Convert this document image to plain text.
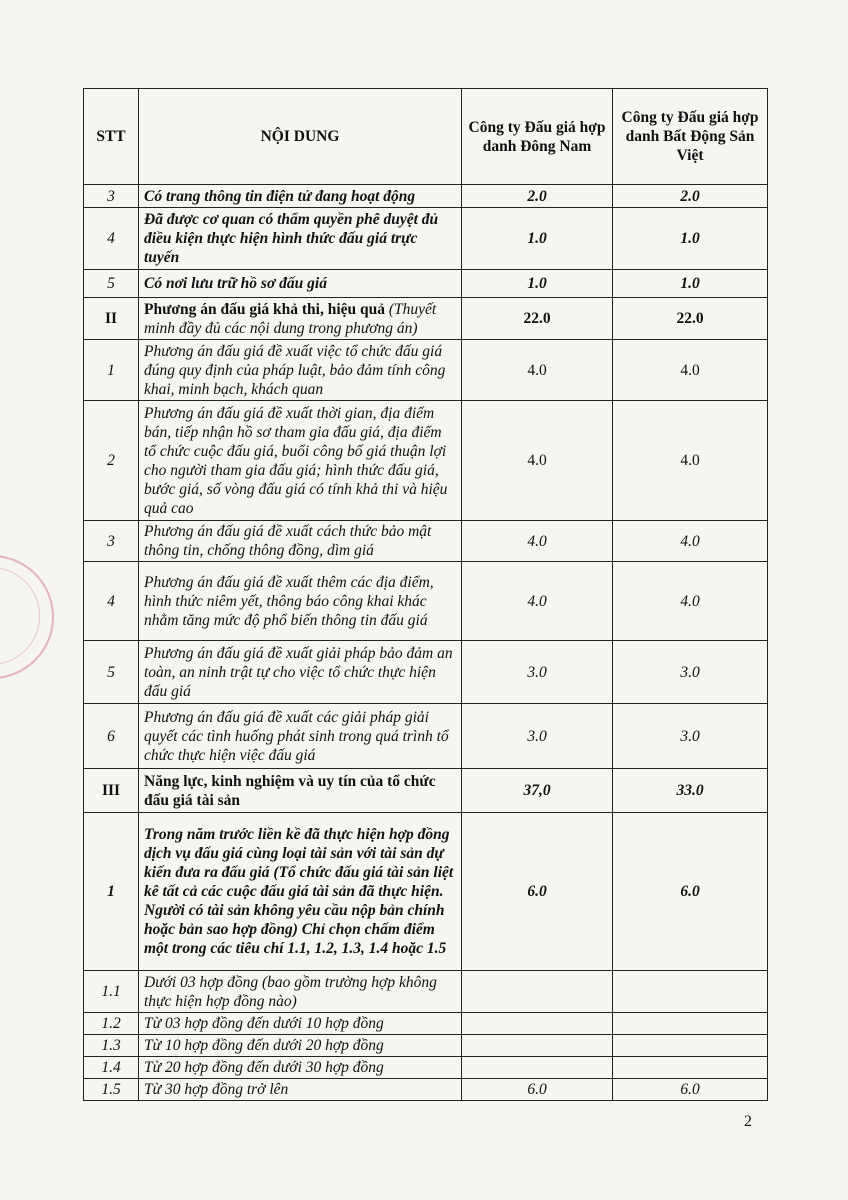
STT	NỘI DUNG	Công ty Đấu giá hợp danh Đông Nam	Công ty Đấu giá hợp danh Bất Động Sản Việt
3	Có trang thông tin điện tử đang hoạt động	2.0	2.0
4	Đã được cơ quan có thẩm quyền phê duyệt đủ điều kiện thực hiện hình thức đấu giá trực tuyến	1.0	1.0
5	Có nơi lưu trữ hồ sơ đấu giá	1.0	1.0
II	Phương án đấu giá khả thi, hiệu quả (Thuyết minh đầy đủ các nội dung trong phương án)	22.0	22.0
1	Phương án đấu giá đề xuất việc tổ chức đấu giá đúng quy định của pháp luật, bảo đảm tính công khai, minh bạch, khách quan	4.0	4.0
2	Phương án đấu giá đề xuất thời gian, địa điểm bán, tiếp nhận hồ sơ tham gia đấu giá, địa điểm tổ chức cuộc đấu giá, buổi công bố giá thuận lợi cho người tham gia đấu giá; hình thức đấu giá, bước giá, số vòng đấu giá có tính khả thi và hiệu quả cao	4.0	4.0
3	Phương án đấu giá đề xuất cách thức bảo mật thông tin, chống thông đồng, dìm giá	4.0	4.0
4	Phương án đấu giá đề xuất thêm các địa điểm, hình thức niêm yết, thông báo công khai khác nhằm tăng mức độ phổ biến thông tin đấu giá	4.0	4.0
5	Phương án đấu giá đề xuất giải pháp bảo đảm an toàn, an ninh trật tự cho việc tổ chức thực hiện đấu giá	3.0	3.0
6	Phương án đấu giá đề xuất các giải pháp giải quyết các tình huống phát sinh trong quá trình tổ chức thực hiện việc đấu giá	3.0	3.0
III	Năng lực, kinh nghiệm và uy tín của tổ chức đấu giá tài sản	37,0	33.0
1	Trong năm trước liền kề đã thực hiện hợp đồng dịch vụ đấu giá cùng loại tài sản với tài sản dự kiến đưa ra đấu giá (Tổ chức đấu giá tài sản liệt kê tất cả các cuộc đấu giá tài sản đã thực hiện. Người có tài sản không yêu cầu nộp bản chính hoặc bản sao hợp đồng) Chỉ chọn chấm điểm một trong các tiêu chí 1.1, 1.2, 1.3, 1.4 hoặc 1.5	6.0	6.0
1.1	Dưới 03 hợp đồng (bao gồm trường hợp không thực hiện hợp đồng nào)		
1.2	Từ 03 hợp đồng đến dưới 10 hợp đồng		
1.3	Từ 10 hợp đồng đến dưới 20 hợp đồng		
1.4	Từ 20 hợp đồng đến dưới 30 hợp đồng		
1.5	Từ 30 hợp đồng trở lên	6.0	6.0
2
